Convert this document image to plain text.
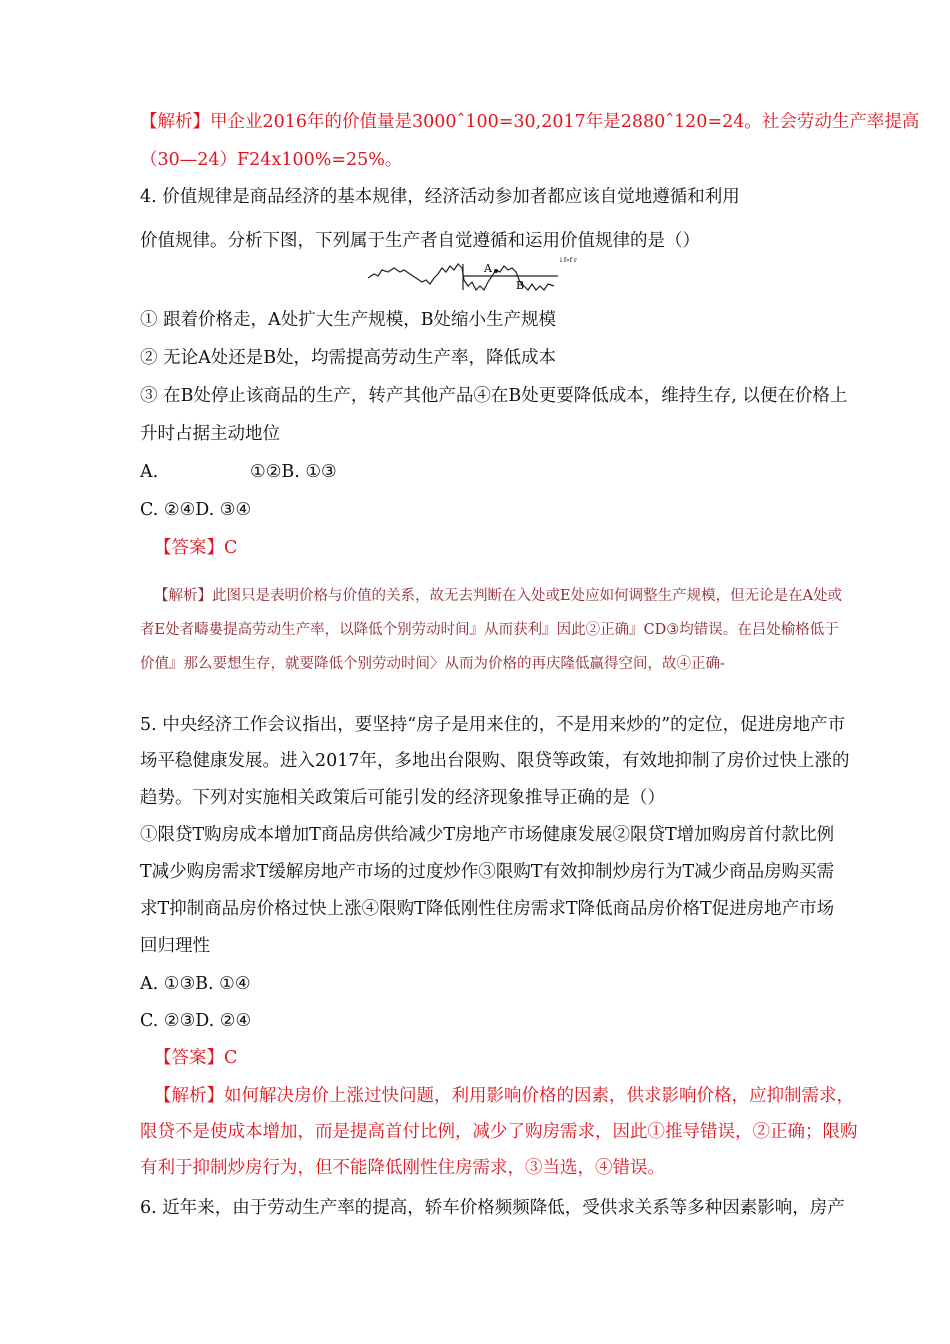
【解析】甲企业2016年的价值量是3000ˆ100=30,2017年是2880ˆ120=24。社会劳动生产率提高

（30—24）F24x100%=25%。

4. 价值规律是商品经济的基本规律，经济活动参加者都应该自觉地遵循和利用

价值规律。分析下图，下列属于生产者自觉遵循和运用价值规律的是（）

A
B
i f«f r

① 跟着价格走，A处扩大生产规模，B处缩小生产规模

② 无论A处还是B处，均需提高劳动生产率，降低成本

③ 在B处停止该商品的生产，转产其他产品④在B处更要降低成本，维持生存, 以便在价格上

升时占据主动地位

A.	①②B. ①③

C. ②④D. ③④

【答案】C

【解析】此图只是表明价格与价值的关系，故无去判断在入处或E处应如何调整生产规模，但无论是在A处或

者E处者疇婁提高劳动生产率，以降低个别劳动时间』从而获利』因此②正确』CD③均错误。在吕处榆格低于

价值』那么要想生存，就要降低个别劳动时间〉从而为价格的再庆隆低赢得空间，故④正确-

5. 中央经济工作会议指出，要坚持“房子是用来住的，不是用来炒的”的定位，促进房地产市

场平稳健康发展。进入2017年，多地出台限购、限贷等政策，有效地抑制了房价过快上涨的

趋势。下列对实施相关政策后可能引发的经济现象推导正确的是（）

①限贷T购房成本增加T商品房供给减少T房地产市场健康发展②限贷T增加购房首付款比例

T减少购房需求T缓解房地产市场的过度炒作③限购T有效抑制炒房行为T减少商品房购买需

求T抑制商品房价格过快上涨④限购T降低刚性住房需求T降低商品房价格T促进房地产市场

回归理性

A. ①③B. ①④

C. ②③D. ②④

【答案】C

【解析】如何解决房价上涨过快问题，利用影响价格的因素，供求影响价格，应抑制需求，

限贷不是使成本增加，而是提高首付比例，减少了购房需求，因此①推导错误，②正确；限购

有利于抑制炒房行为，但不能降低刚性住房需求，③当选，④错误。

6. 近年来，由于劳动生产率的提高，轿车价格频频降低，受供求关系等多种因素影响，房产
